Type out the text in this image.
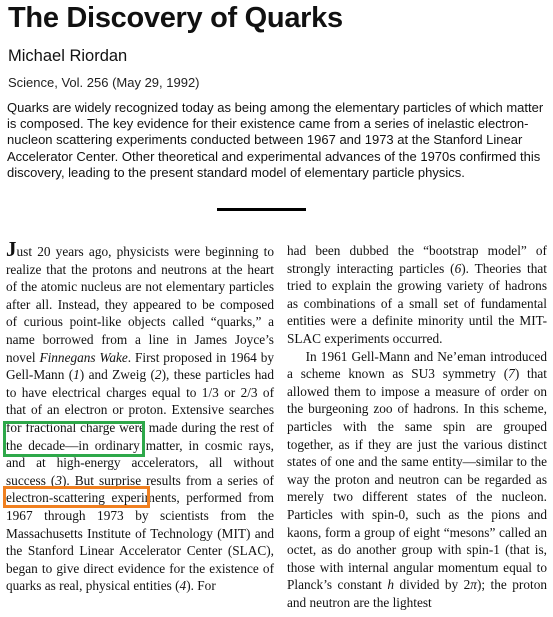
The Discovery of Quarks
Michael Riordan
Science, Vol. 256 (May 29, 1992)

Quarks are widely recognized today as being among the elementary particles of which matter is composed. The key evidence for their existence came from a series of inelastic electron-nucleon scattering experiments conducted between 1967 and 1973 at the Stanford Linear Accelerator Center. Other theoretical and experimental advances of the 1970s confirmed this discovery, leading to the present standard model of elementary particle physics.

Just 20 years ago, physicists were beginning to realize that the protons and neutrons at the heart of the atomic nucleus are not elementary particles after all. Instead, they appeared to be composed of curious point-like objects called “quarks,” a name borrowed from a line in James Joyce’s novel Finnegans Wake. First proposed in 1964 by Gell-Mann (1) and Zweig (2), these particles had to have electrical charges equal to 1/3 or 2/3 of that of an electron or proton. Extensive searches for fractional charge were made during the rest of the decade—in ordinary matter, in cosmic rays, and at high-energy accelerators, all without success (3). But surprise results from a series of electron-scattering experiments, performed from 1967 through 1973 by scientists from the Massachusetts Institute of Technology (MIT) and the Stanford Linear Accelerator Center (SLAC), began to give direct evidence for the existence of quarks as real, physical entities (4). For

had been dubbed the “bootstrap model” of strongly interacting particles (6). Theories that tried to explain the growing variety of hadrons as combinations of a small set of fundamental entities were a definite minority until the MIT-SLAC experiments occurred.

In 1961 Gell-Mann and Ne’eman introduced a scheme known as SU3 symmetry (7) that allowed them to impose a measure of order on the burgeoning zoo of hadrons. In this scheme, particles with the same spin are grouped together, as if they are just the various distinct states of one and the same entity—similar to the way the proton and neutron can be regarded as merely two different states of the nucleon. Particles with spin-0, such as the pions and kaons, form a group of eight “mesons” called an octet, as do another group with spin-1 (that is, those with internal angular momentum equal to Planck’s constant h divided by 2π); the proton and neutron are the lightest
